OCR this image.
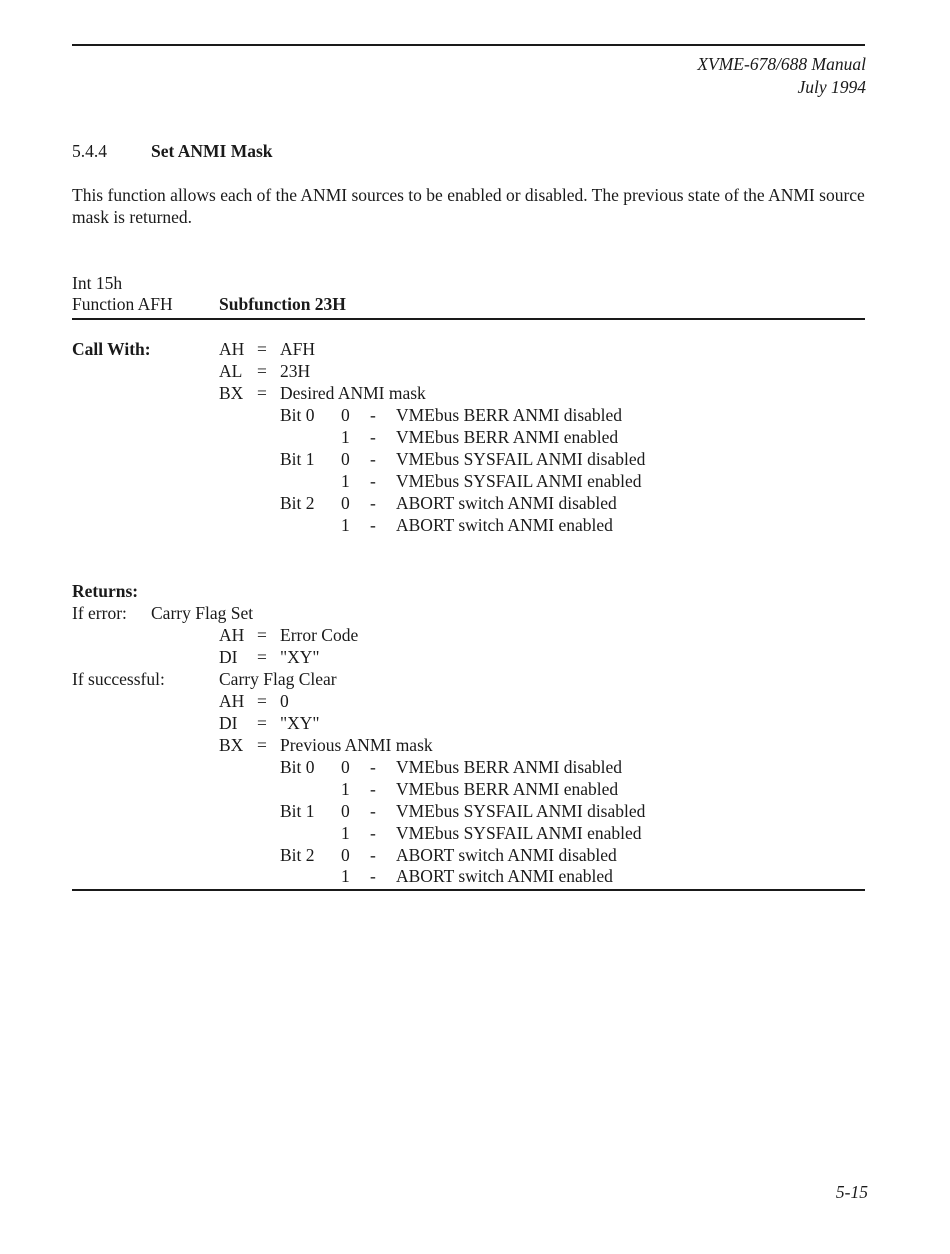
XVME-678/688 Manual
July 1994
5.4.4	Set ANMI Mask
This function allows each of the ANMI sources to be enabled or disabled. The previous state of the ANMI source mask is returned.
Int 15h
Function AFH	Subfunction 23H
Call With:	AH = AFH
AL = 23H
BX = Desired ANMI mask
Bit 0 0 - VMEbus BERR ANMI disabled
1 - VMEbus BERR ANMI enabled
Bit 1 0 - VMEbus SYSFAIL ANMI disabled
1 - VMEbus SYSFAIL ANMI enabled
Bit 2 0 - ABORT switch ANMI disabled
1 - ABORT switch ANMI enabled
Returns:
If error: Carry Flag Set
AH = Error Code
DI = "XY"
If successful:	Carry Flag Clear
AH = 0
DI = "XY"
BX = Previous ANMI mask
Bit 0 0 - VMEbus BERR ANMI disabled
1 - VMEbus BERR ANMI enabled
Bit 1 0 - VMEbus SYSFAIL ANMI disabled
1 - VMEbus SYSFAIL ANMI enabled
Bit 2 0 - ABORT switch ANMI disabled
1 - ABORT switch ANMI enabled
5-15
